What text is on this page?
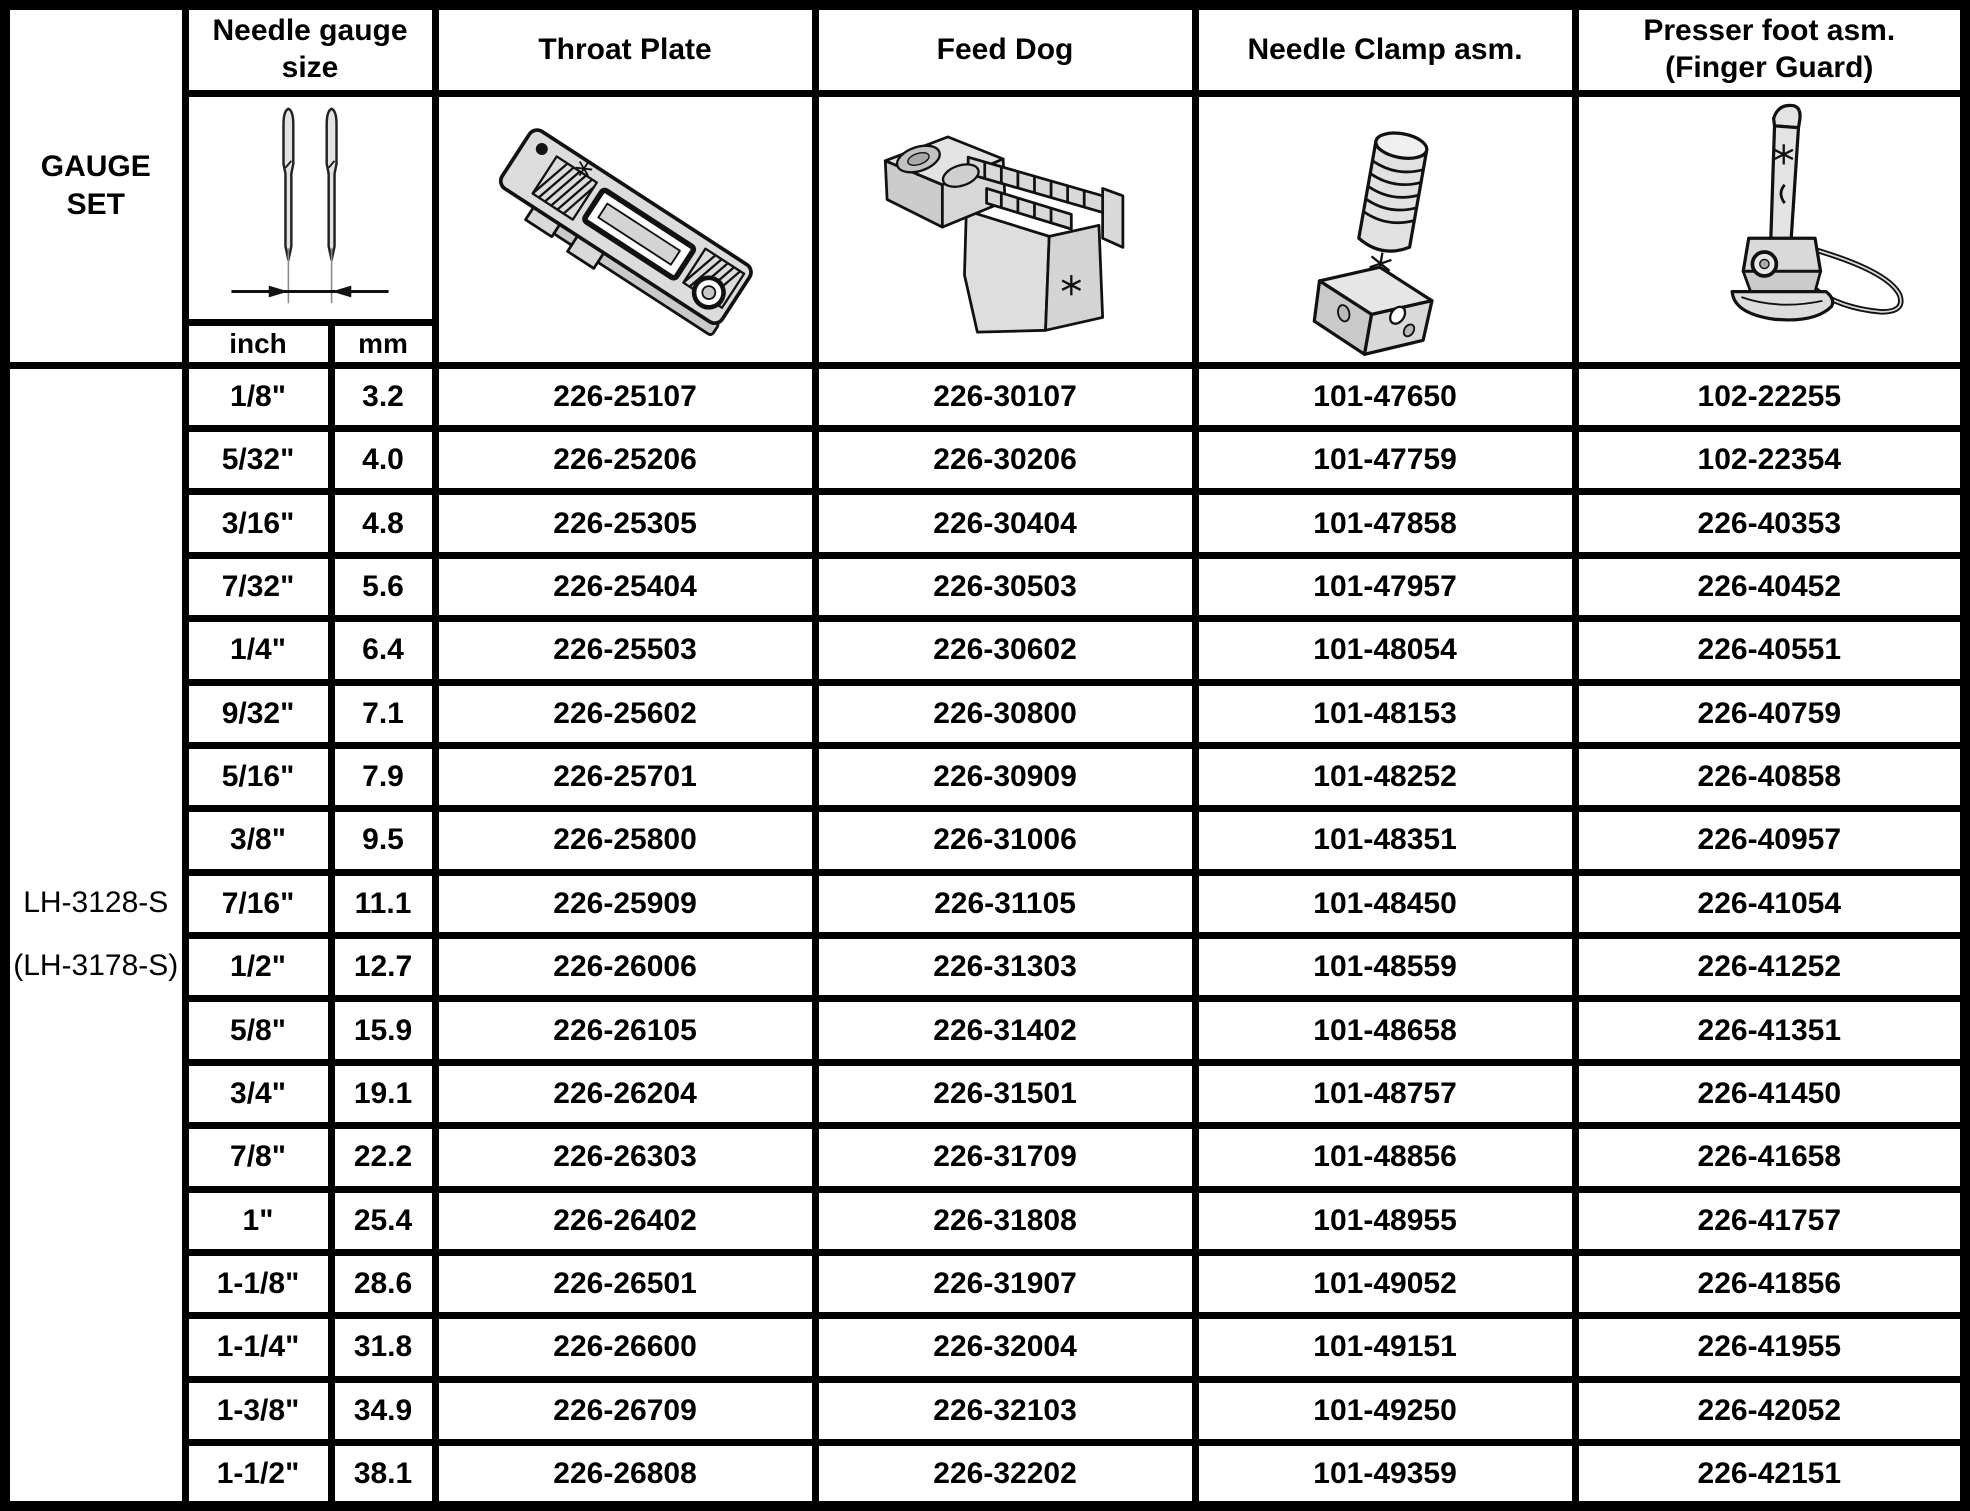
GAUGE SET	Needle gauge size		Throat Plate	Feed Dog	Needle Clamp asm.	Presser foot asm.
(Finger Guard)

	inch	mm				

LH-3128-S
(LH-3178-S)	1/8"	3.2	226-25107	226-30107	101-47650	102-22255
	5/32"	4.0	226-25206	226-30206	101-47759	102-22354
	3/16"	4.8	226-25305	226-30404	101-47858	226-40353
	7/32"	5.6	226-25404	226-30503	101-47957	226-40452
	1/4"	6.4	226-25503	226-30602	101-48054	226-40551
	9/32"	7.1	226-25602	226-30800	101-48153	226-40759
	5/16"	7.9	226-25701	226-30909	101-48252	226-40858
	3/8"	9.5	226-25800	226-31006	101-48351	226-40957
	7/16"	11.1	226-25909	226-31105	101-48450	226-41054
	1/2"	12.7	226-26006	226-31303	101-48559	226-41252
	5/8"	15.9	226-26105	226-31402	101-48658	226-41351
	3/4"	19.1	226-26204	226-31501	101-48757	226-41450
	7/8"	22.2	226-26303	226-31709	101-48856	226-41658
	1"	25.4	226-26402	226-31808	101-48955	226-41757
	1-1/8"	28.6	226-26501	226-31907	101-49052	226-41856
	1-1/4"	31.8	226-26600	226-32004	101-49151	226-41955
	1-3/8"	34.9	226-26709	226-32103	101-49250	226-42052
	1-1/2"	38.1	226-26808	226-32202	101-49359	226-42151
